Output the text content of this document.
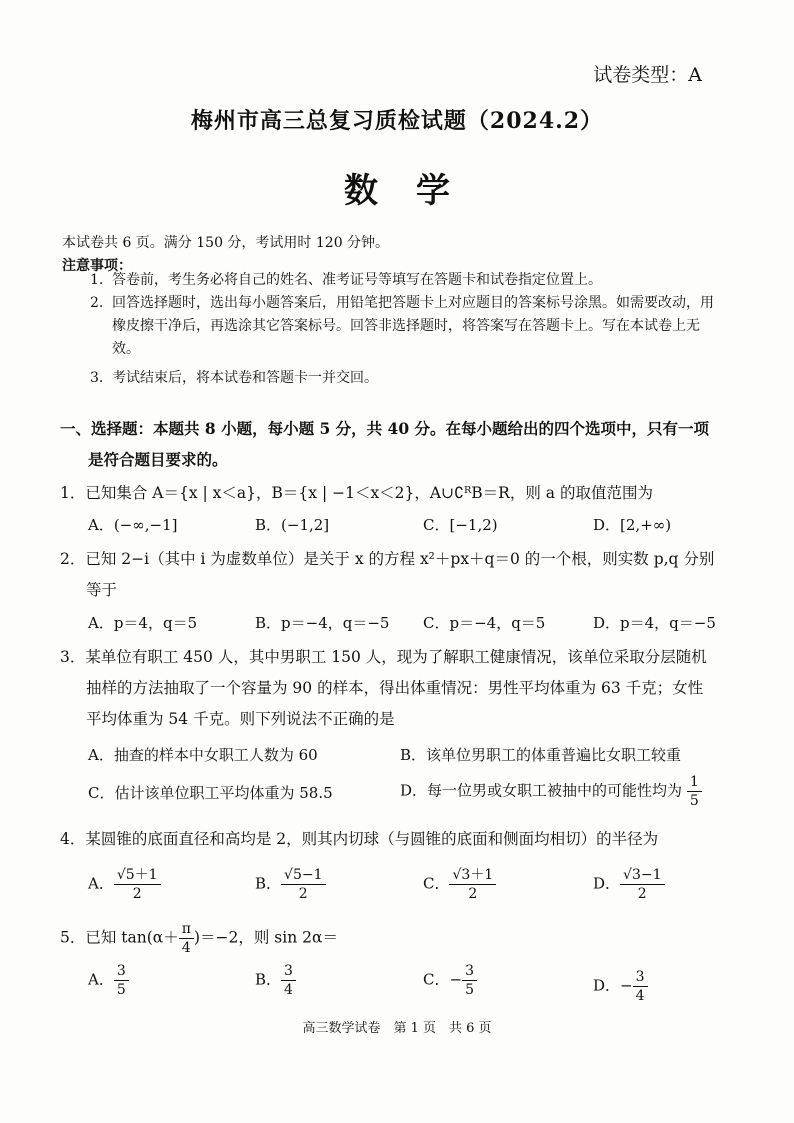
试卷类型：A
梅州市高三总复习质检试题（2024.2）
数学
本试卷共 6 页。满分 150 分，考试用时 120 分钟。
注意事项：
1. 答卷前，考生务必将自己的姓名、准考证号等填写在答题卡和试卷指定位置上。
2. 回答选择题时，选出每小题答案后，用铅笔把答题卡上对应题目的答案标号涂黑。如需要改动，用橡皮擦干净后，再选涂其它答案标号。回答非选择题时，将答案写在答题卡上。写在本试卷上无效。
3. 考试结束后，将本试卷和答题卡一并交回。
一、选择题：本题共 8 小题，每小题 5 分，共 40 分。在每小题给出的四个选项中，只有一项
是符合题目要求的。
1．已知集合 A＝{x | x＜a}，B＝{x | −1＜x＜2}，A∪∁ᴿB＝R，则 a 的取值范围为
A．(−∞,−1]	B．(−1,2]	C．[−1,2)	D．[2,+∞)
2．已知 2−i（其中 i 为虚数单位）是关于 x 的方程 x²＋px＋q＝0 的一个根，则实数 p,q 分别
等于
A．p＝4，q＝5	B．p＝−4，q＝−5 C．p＝−4，q＝5	D．p＝4，q＝−5
3．某单位有职工 450 人，其中男职工 150 人，现为了解职工健康情况，该单位采取分层随机
抽样的方法抽取了一个容量为 90 的样本，得出体重情况：男性平均体重为 63 千克；女性
平均体重为 54 千克。则下列说法不正确的是
A．抽查的样本中女职工人数为 60	B．该单位男职工的体重普遍比女职工较重
C．估计该单位职工平均体重为 58.5	D．每一位男或女职工被抽中的可能性均为 $\frac{1}{5}$
4．某圆锥的底面直径和高均是 2，则其内切球（与圆锥的底面和侧面均相切）的半径为
A． $\frac{√5+1}{2}$	B． $\frac{√5-1}{2}$	C． $\frac{√3+1}{2}$	D． $\frac{√3-1}{2}$
5．已知 $\tan(\alpha+ \frac{\pi}{4} )=-2$，则 sin 2α＝
A． $\frac{3}{5}$	B． $\frac{3}{4}$	C．− $\frac{3}{5}$	D．− $\frac{3}{4}$
高三数学试卷　第 1 页　共 6 页
